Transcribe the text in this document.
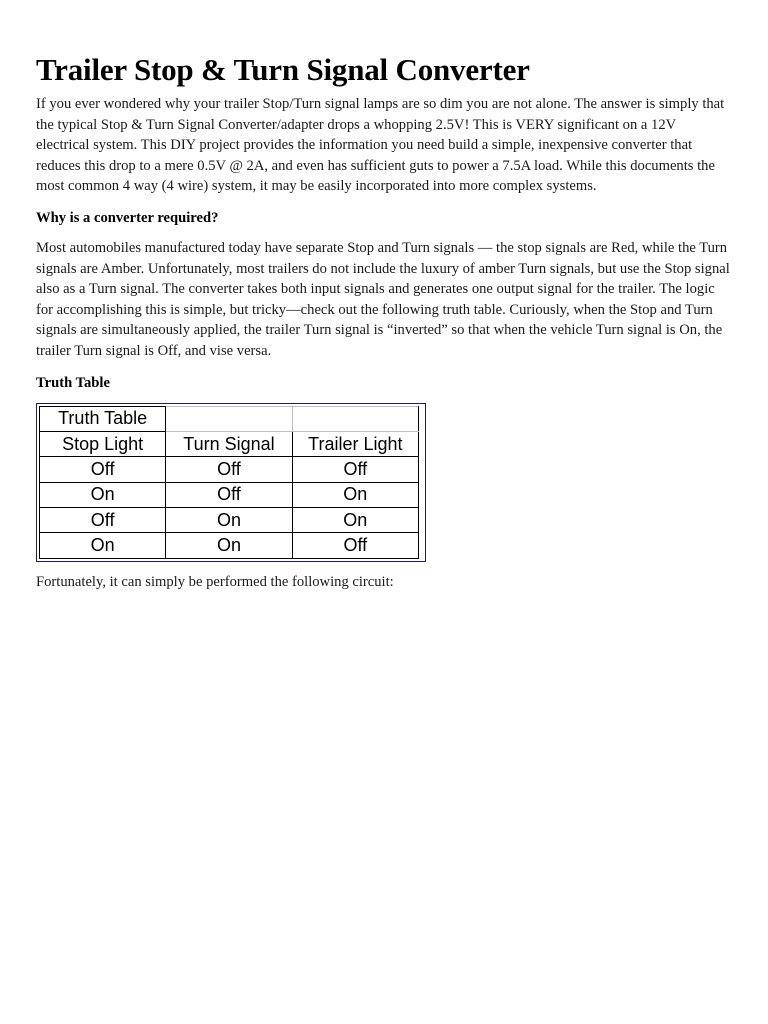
Trailer Stop & Turn Signal Converter

If you ever wondered why your trailer Stop/Turn signal lamps are so dim you are not alone. The answer is simply that the typical Stop & Turn Signal Converter/adapter drops a whopping 2.5V! This is VERY significant on a 12V electrical system. This DIY project provides the information you need build a simple, inexpensive converter that reduces this drop to a mere 0.5V @ 2A, and even has sufficient guts to power a 7.5A load. While this documents the most common 4 way (4 wire) system, it may be easily incorporated into more complex systems.

Why is a converter required?

Most automobiles manufactured today have separate Stop and Turn signals — the stop signals are Red, while the Turn signals are Amber. Unfortunately, most trailers do not include the luxury of amber Turn signals, but use the Stop signal also as a Turn signal. The converter takes both input signals and generates one output signal for the trailer. The logic for accomplishing this is simple, but tricky—check out the following truth table. Curiously, when the Stop and Turn signals are simultaneously applied, the trailer Turn signal is “inverted” so that when the vehicle Turn signal is On, the trailer Turn signal is Off, and vise versa.

Truth Table

Truth Table		
Stop Light	Turn Signal	Trailer Light
Off	Off	Off
On	Off	On
Off	On	On
On	On	Off

Fortunately, it can simply be performed the following circuit:
